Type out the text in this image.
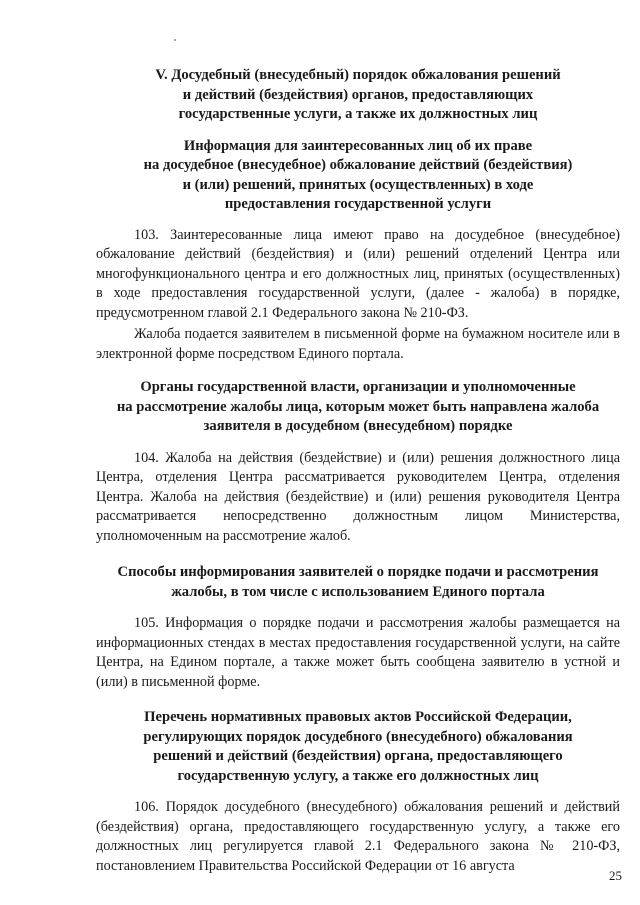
V. Досудебный (внесудебный) порядок обжалования решений
и действий (бездействия) органов, предоставляющих
государственные услуги, а также их должностных лиц
Информация для заинтересованных лиц об их праве
на досудебное (внесудебное) обжалование действий (бездействия)
и (или) решений, принятых (осуществленных) в ходе
предоставления государственной услуги

103. Заинтересованные лица имеют право на досудебное (внесудебное) обжалование действий (бездействия) и (или) решений отделений Центра или многофункционального центра и его должностных лиц, принятых (осуществленных) в ходе предоставления государственной услуги, (далее - жалоба) в порядке, предусмотренном главой 2.1 Федерального закона № 210-ФЗ.

Жалоба подается заявителем в письменной форме на бумажном носителе или в электронной форме посредством Единого портала.

Органы государственной власти, организации и уполномоченные
на рассмотрение жалобы лица, которым может быть направлена жалоба
заявителя в досудебном (внесудебном) порядке

104. Жалоба на действия (бездействие) и (или) решения должностного лица Центра, отделения Центра рассматривается руководителем Центра, отделения Центра. Жалоба на действия (бездействие) и (или) решения руководителя Центра рассматривается непосредственно должностным лицом Министерства, уполномоченным на рассмотрение жалоб.

Способы информирования заявителей о порядке подачи и рассмотрения
жалобы, в том числе с использованием Единого портала

105. Информация о порядке подачи и рассмотрения жалобы размещается на информационных стендах в местах предоставления государственной услуги, на сайте Центра, на Едином портале, а также может быть сообщена заявителю в устной и (или) в письменной форме.

Перечень нормативных правовых актов Российской Федерации,
регулирующих порядок досудебного (внесудебного) обжалования
решений и действий (бездействия) органа, предоставляющего
государственную услугу, а также его должностных лиц

106. Порядок досудебного (внесудебного) обжалования решений и действий (бездействия) органа, предоставляющего государственную услугу, а также его должностных лиц регулируется главой 2.1 Федерального закона № 210-ФЗ, постановлением Правительства Российской Федерации от 16 августа

25
